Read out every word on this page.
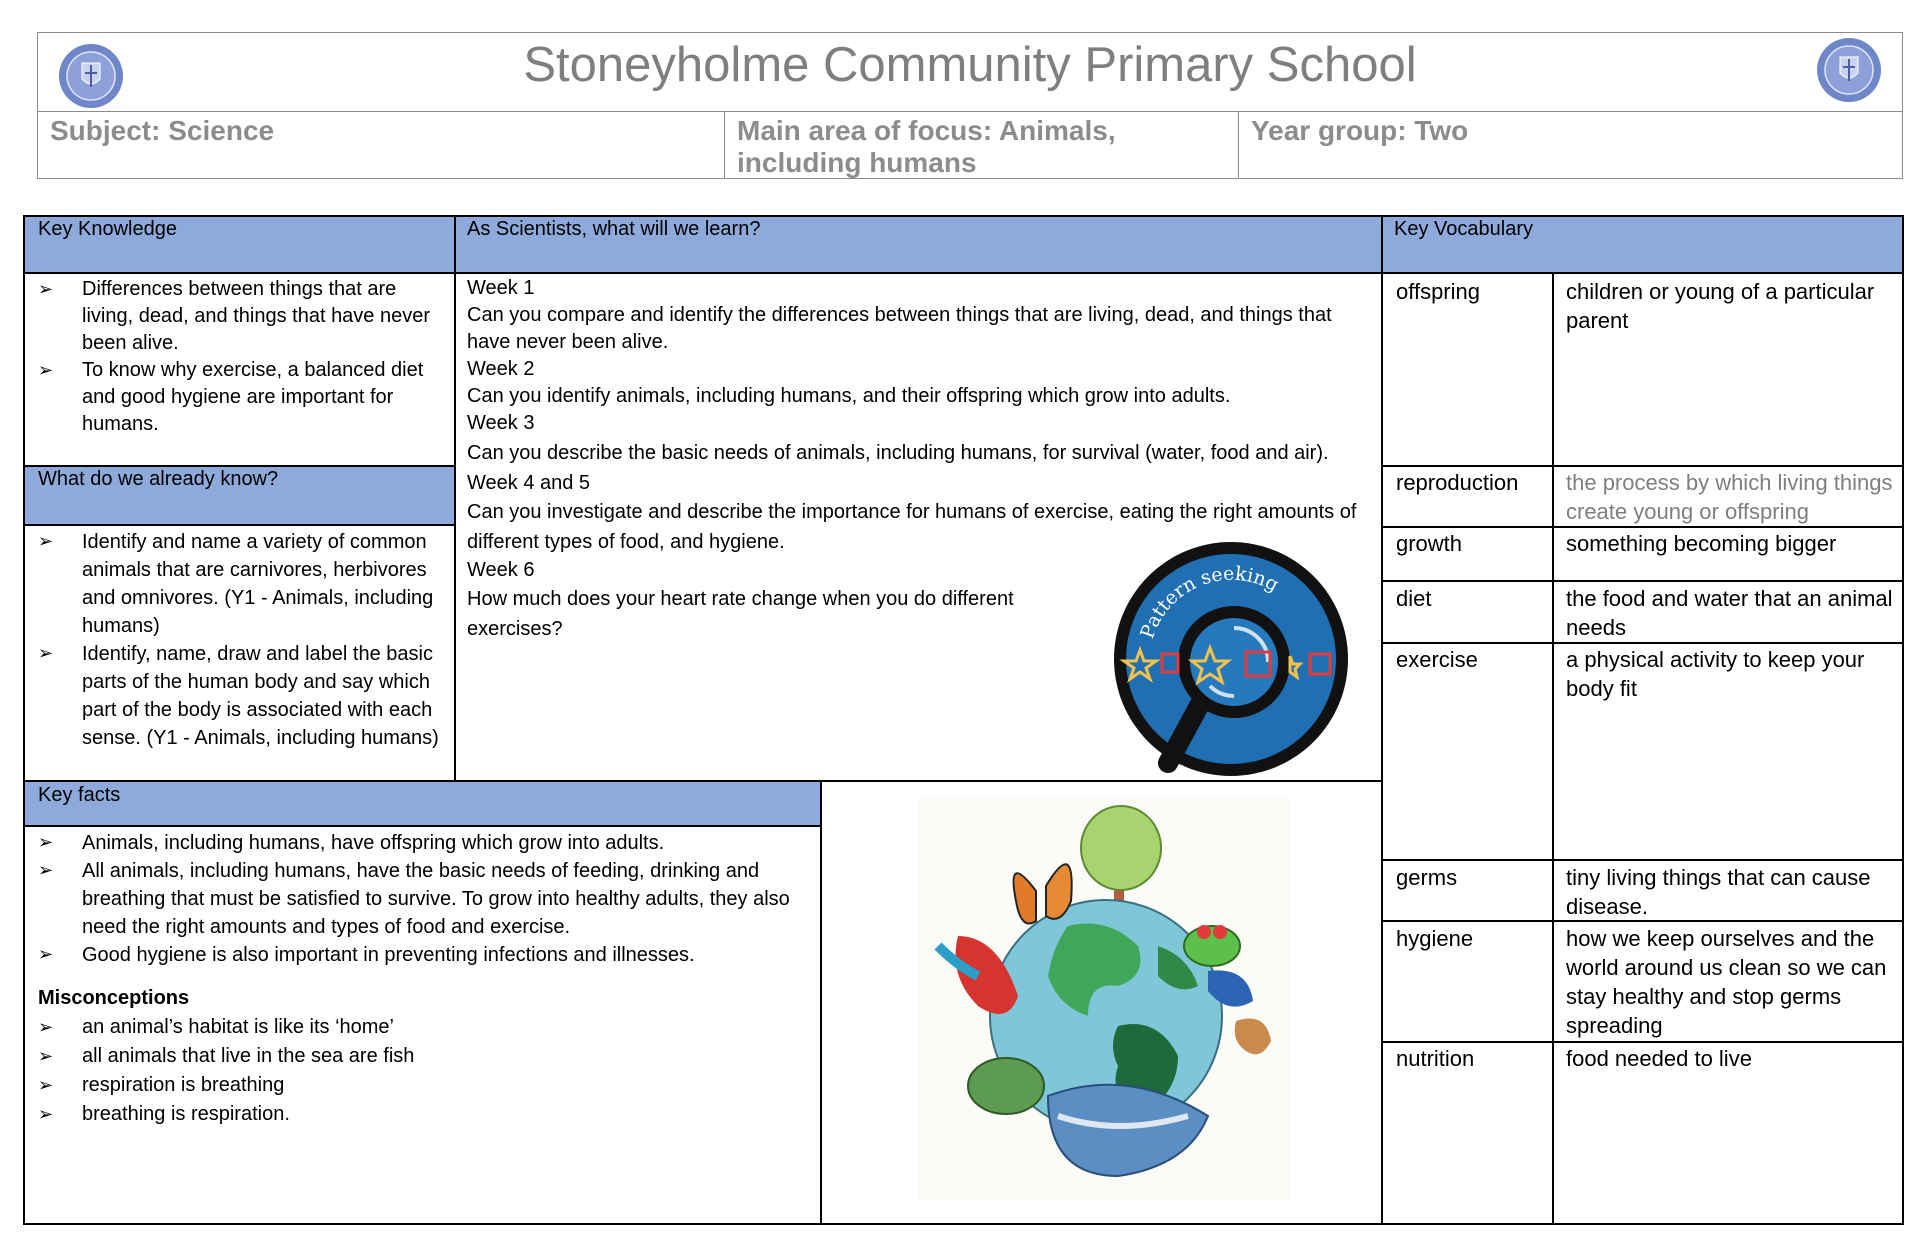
Stoneyholme Community Primary School
Subject: Science	Main area of focus: Animals, including humans
Year group: Two
Key Knowledge	As Scientists, what will we learn?	Key Vocabulary
What do we already know?
Key facts
➢ Differences between things that are living, dead, and things that have never been alive.
➢ To know why exercise, a balanced diet and good hygiene are important for humans.
➢ Identify and name a variety of common animals that are carnivores, herbivores and omnivores. (Y1 - Animals, including humans)
➢ Identify, name, draw and label the basic parts of the human body and say which part of the body is associated with each sense. (Y1 - Animals, including humans)
Week 1
Can you compare and identify the differences between things that are living, dead, and things that have never been alive.
Week 2
Can you identify animals, including humans, and their offspring which grow into adults.
Week 3
Can you describe the basic needs of animals, including humans, for survival (water, food and air).
Week 4 and 5
Can you investigate and describe the importance for humans of exercise, eating the right amounts of different types of food, and hygiene.
Week 6
How much does your heart rate change when you do different exercises?	Pattern seeking
➢ Animals, including humans, have offspring which grow into adults.
➢ All animals, including humans, have the basic needs of feeding, drinking and breathing that must be satisfied to survive. To grow into healthy adults, they also need the right amounts and types of food and exercise.
➢ Good hygiene is also important in preventing infections and illnesses.
Misconceptions
➢ an animal’s habitat is like its ‘home’
➢ all animals that live in the sea are fish
➢ respiration is breathing
➢ breathing is respiration.
offspring	children or young of a particular parent
reproduction the process by which living things create young or offspring
growth	something becoming bigger
diet	the food and water that an animal needs
exercise	a physical activity to keep your body fit
germs	tiny living things that can cause disease.
hygiene	how we keep ourselves and the world around us clean so we can stay healthy and stop germs spreading
nutrition	food needed to live
